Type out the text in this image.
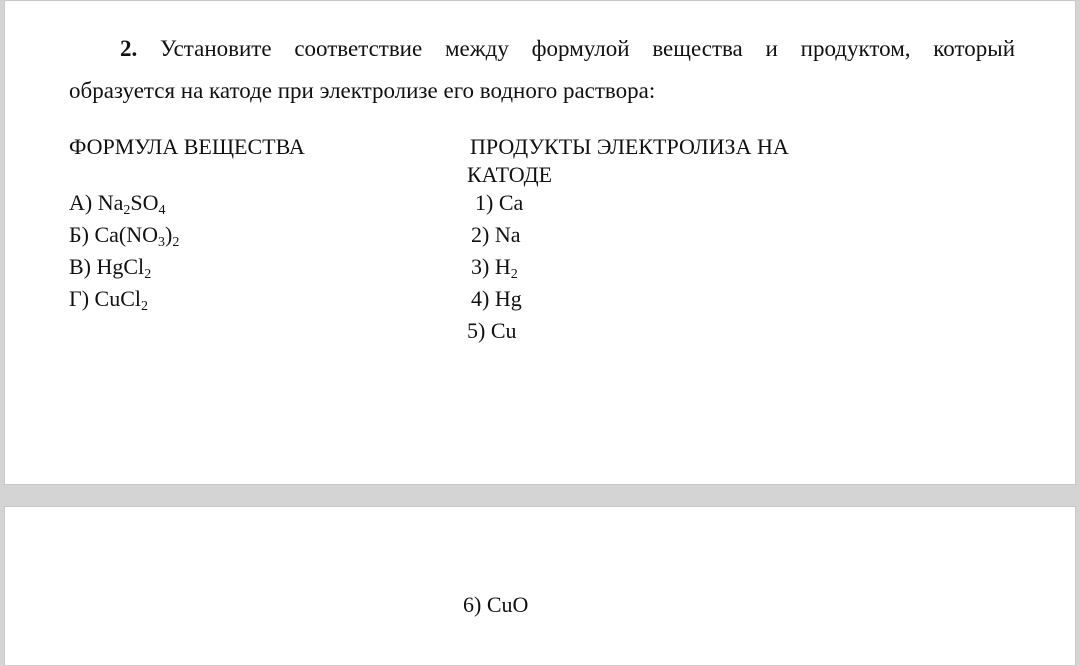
2. Установите соответствие между формулой вещества и продуктом, который
образуется на катоде при электролизе его водного раствора:
ФОРМУЛА ВЕЩЕСТВА	ПРОДУКТЫ ЭЛЕКТРОЛИЗА НА
КАТОДЕ
А) $Na_2SO_4$
Б) $Ca(NO_3)_2$
В) HgCl$_2$
Г) CuCl$_2$
1) Ca
2) Na
3) $H_2$
4) Hg
5) Cu
6) CuO
